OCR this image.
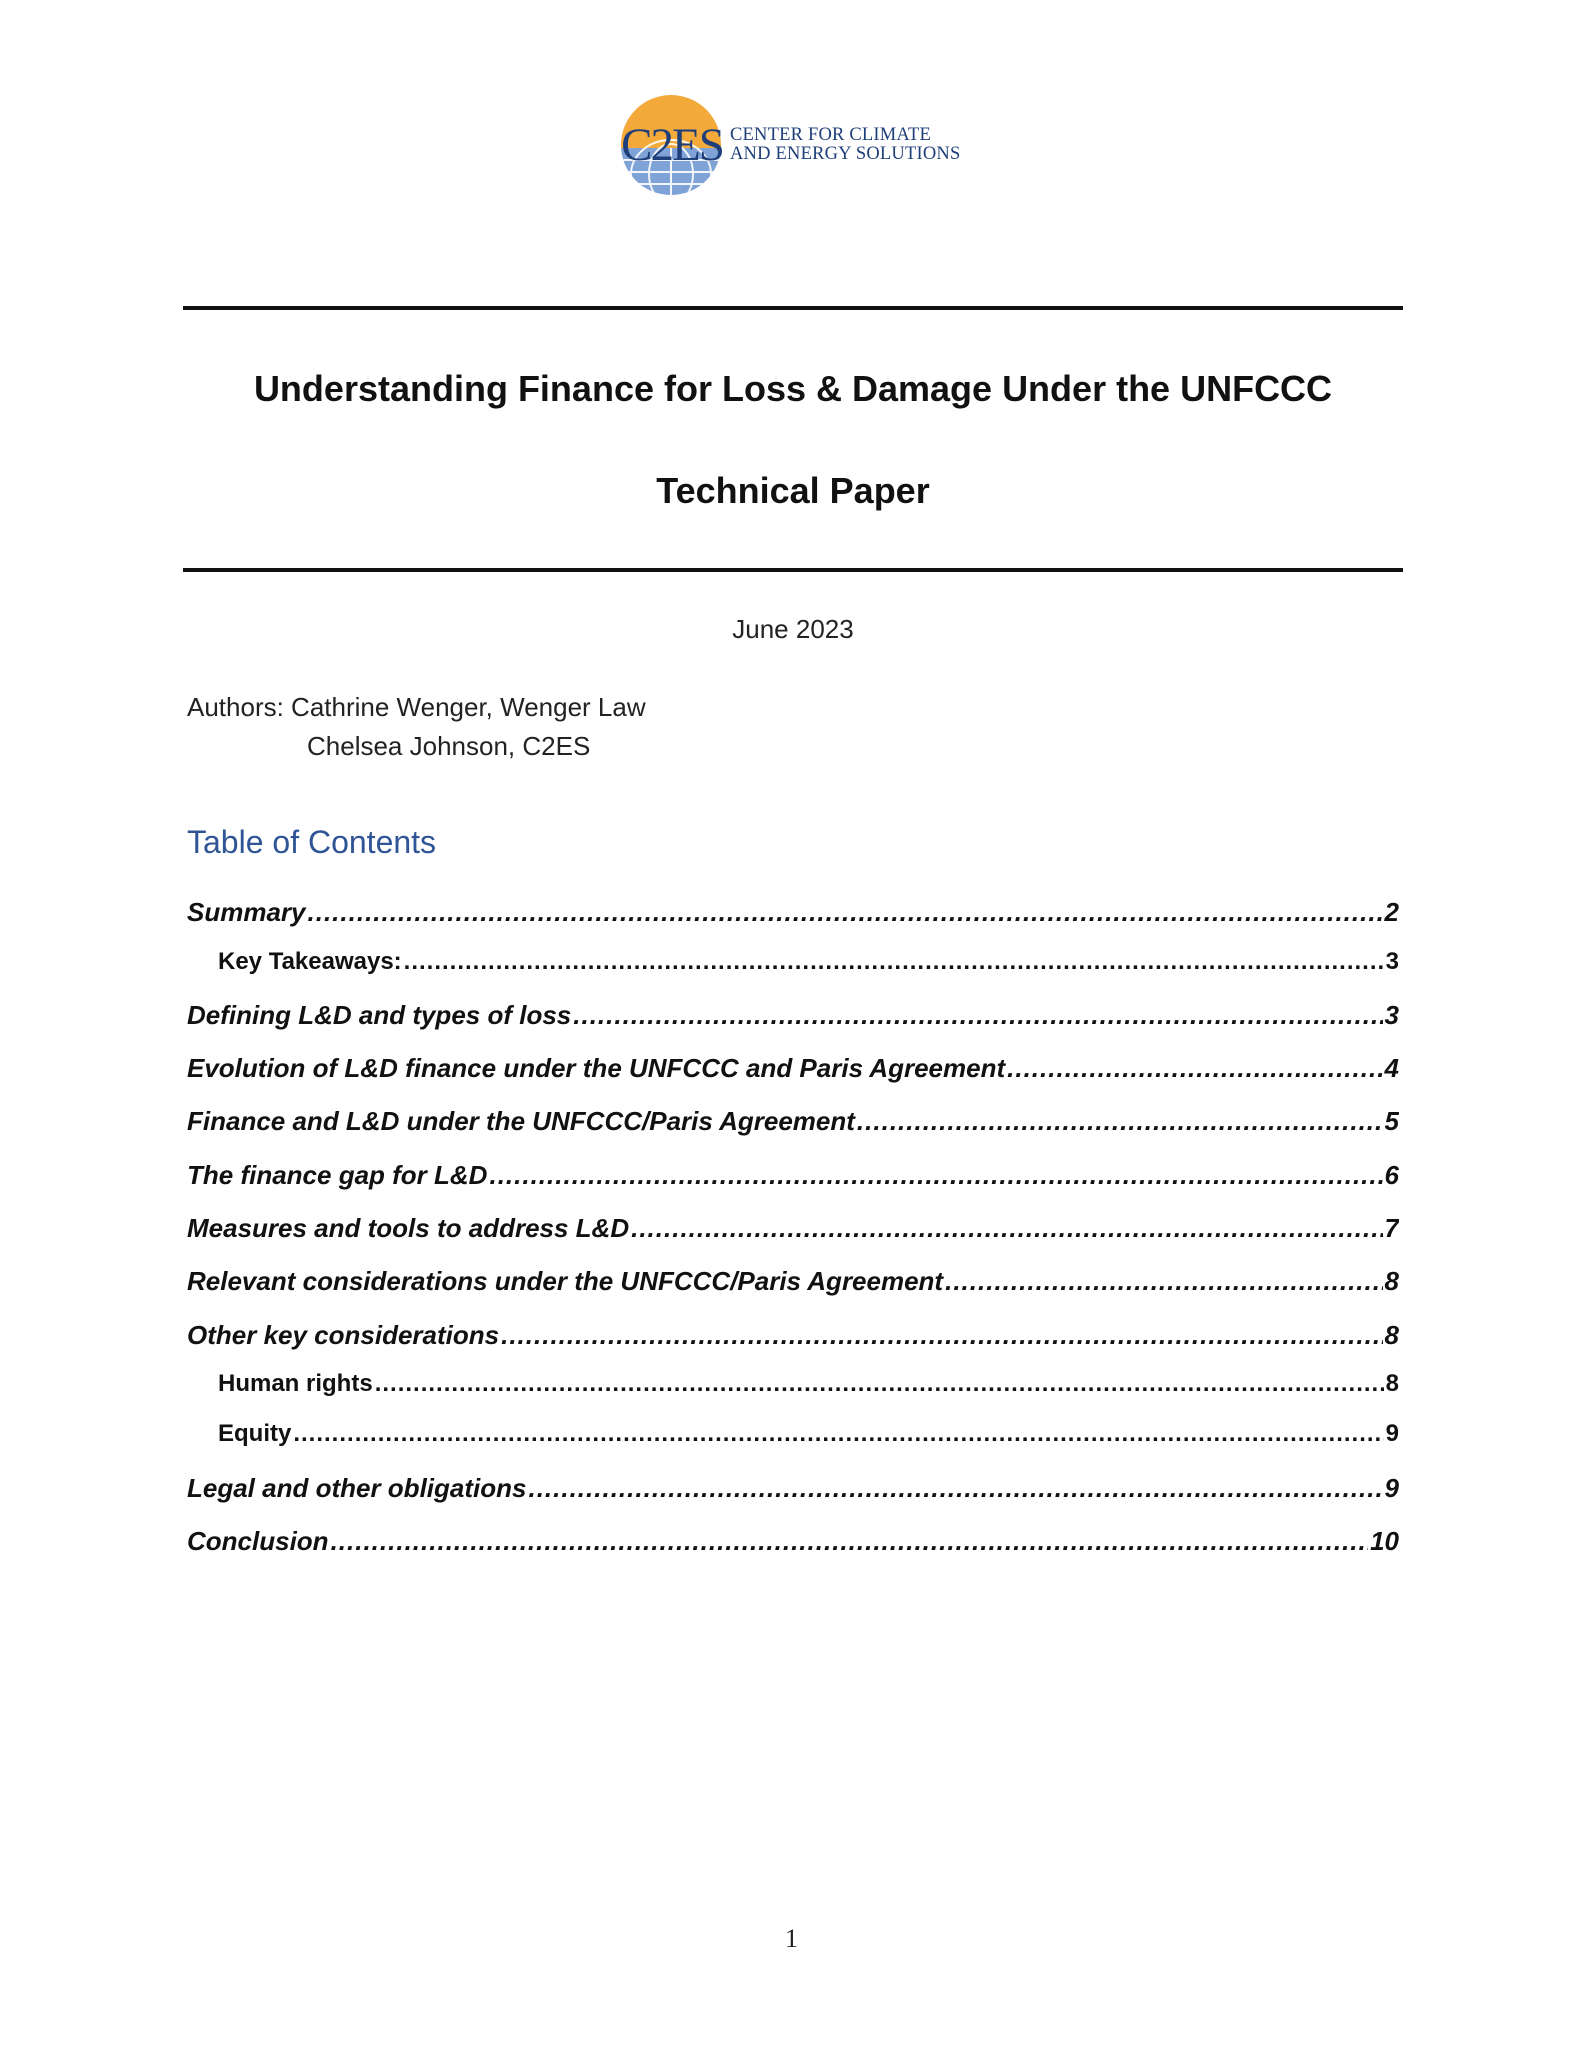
C2ES CENTER FOR CLIMATE
AND ENERGY SOLUTIONS
Understanding Finance for Loss & Damage Under the UNFCCC
Technical Paper
June 2023
Authors: Cathrine Wenger, Wenger Law
Chelsea Johnson, C2ES
Table of Contents
Summary .....	2
Key Takeaways: .....	3
Defining L&D and types of loss .....	3
Evolution of L&D finance under the UNFCCC and Paris Agreement .....	4
Finance and L&D under the UNFCCC/Paris Agreement .....	5
The finance gap for L&D .....	6
Measures and tools to address L&D .....	7
Relevant considerations under the UNFCCC/Paris Agreement .....	8
Other key considerations .....	8
Human rights .....	8
Equity .....	9
Legal and other obligations .....	9
Conclusion .....	10
1
